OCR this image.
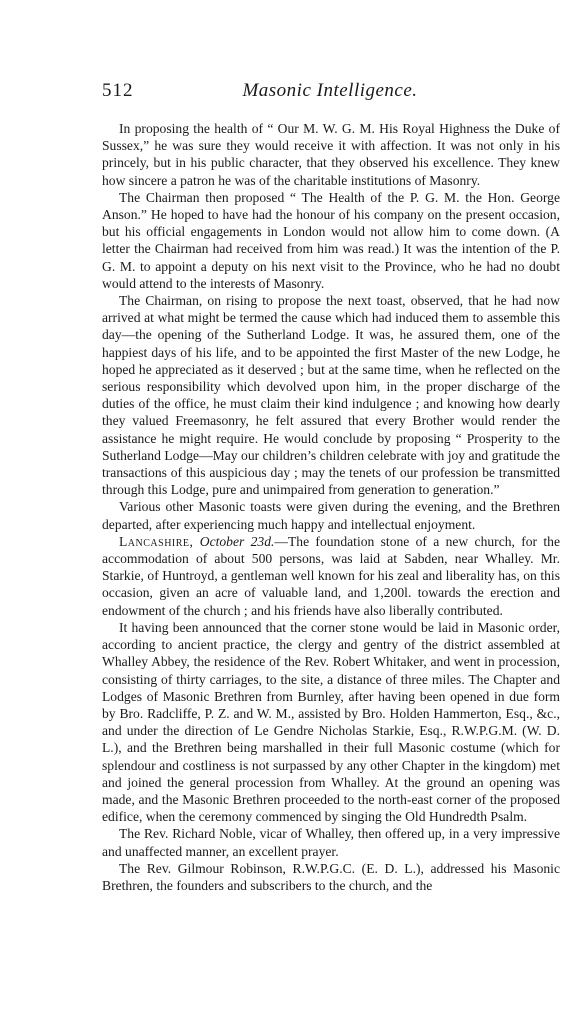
512	Masonic Intelligence.

In proposing the health of “ Our M. W. G. M. His Royal Highness the Duke of Sussex,” he was sure they would receive it with affection. It was not only in his princely, but in his public character, that they observed his excellence. They knew how sincere a patron he was of the charitable institutions of Masonry.

The Chairman then proposed “ The Health of the P. G. M. the Hon. George Anson.” He hoped to have had the honour of his company on the present occasion, but his official engagements in London would not allow him to come down. (A letter the Chairman had received from him was read.) It was the intention of the P. G. M. to appoint a deputy on his next visit to the Province, who he had no doubt would attend to the interests of Masonry.

The Chairman, on rising to propose the next toast, observed, that he had now arrived at what might be termed the cause which had induced them to assemble this day—the opening of the Sutherland Lodge. It was, he assured them, one of the happiest days of his life, and to be appointed the first Master of the new Lodge, he hoped he appreciated as it deserved ; but at the same time, when he reflected on the serious responsibility which devolved upon him, in the proper discharge of the duties of the office, he must claim their kind indulgence ; and knowing how dearly they valued Freemasonry, he felt assured that every Brother would render the assistance he might require. He would conclude by proposing “ Prosperity to the Sutherland Lodge—May our children’s children celebrate with joy and gratitude the transactions of this auspicious day ; may the tenets of our profession be transmitted through this Lodge, pure and unimpaired from generation to generation.”

Various other Masonic toasts were given during the evening, and the Brethren departed, after experiencing much happy and intellectual enjoyment.

Lancashire, October 23d.—The foundation stone of a new church, for the accommodation of about 500 persons, was laid at Sabden, near Whalley. Mr. Starkie, of Huntroyd, a gentleman well known for his zeal and liberality has, on this occasion, given an acre of valuable land, and 1,200l. towards the erection and endowment of the church ; and his friends have also liberally contributed.

It having been announced that the corner stone would be laid in Masonic order, according to ancient practice, the clergy and gentry of the district assembled at Whalley Abbey, the residence of the Rev. Robert Whitaker, and went in procession, consisting of thirty carriages, to the site, a distance of three miles. The Chapter and Lodges of Masonic Brethren from Burnley, after having been opened in due form by Bro. Radcliffe, P. Z. and W. M., assisted by Bro. Holden Hammerton, Esq., &c., and under the direction of Le Gendre Nicholas Starkie, Esq., R.W.P.G.M. (W. D. L.), and the Brethren being marshalled in their full Masonic costume (which for splendour and costliness is not surpassed by any other Chapter in the kingdom) met and joined the general procession from Whalley. At the ground an opening was made, and the Masonic Brethren proceeded to the north-east corner of the proposed edifice, when the ceremony commenced by singing the Old Hundredth Psalm.

The Rev. Richard Noble, vicar of Whalley, then offered up, in a very impressive and unaffected manner, an excellent prayer.

The Rev. Gilmour Robinson, R.W.P.G.C. (E. D. L.), addressed his Masonic Brethren, the founders and subscribers to the church, and the
